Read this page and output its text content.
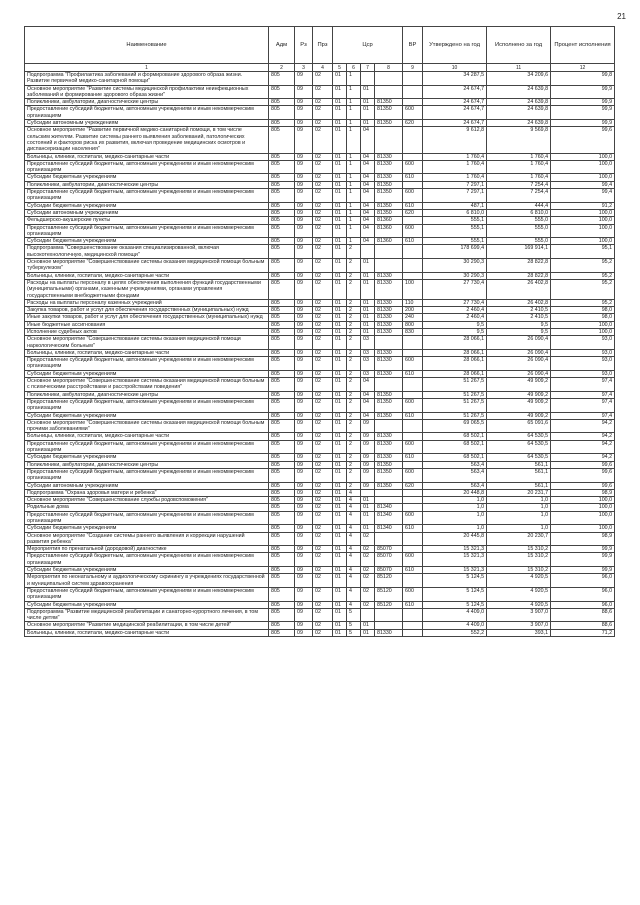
21
Наименование	Адм	Рз	Прз	Цср				ВР	Утверждено на год	Исполнено за год	Процент исполнения
1	2	3	4	5	6	7	8	9	10	11	12
Подпрограмма "Профилактика заболеваний и формирование здорового образа жизни. Развитие первичной медико-санитарной помощи"	805	09	02	01	1				34 287,5	34 209,6	99,8
Основное мероприятие "Развитие системы медицинской профилактики неинфекционных заболеваний и формирование здорового образа жизни"	805	09	02	01	1	01			24 674,7	24 639,8	99,9
Поликлиники, амбулатории, диагностические центры	805	09	02	01	1	01	81350		24 674,7	24 639,8	99,9
Предоставление субсидий бюджетным, автономным учреждениям и иным некоммерческим организациям	805	09	02	01	1	01	81350	600	24 674,7	24 639,8	99,9
Субсидии автономным учреждениям	805	09	02	01	1	01	81350	620	24 674,7	24 639,8	99,9
Основное мероприятие "Развитие первичной медико-санитарной помощи, в том числе сельским жителям. Развитие системы раннего выявления заболеваний, патологических состояний и факторов риска их развития, включая проведение медицинских осмотров и диспансеризации населения"	805	09	02	01	1	04			9 612,8	9 569,8	99,6
Больницы, клиники, госпитали, медико-санитарные части	805	09	02	01	1	04	81330		1 760,4	1 760,4	100,0
Предоставление субсидий бюджетным, автономным учреждениям и иным некоммерческим организациям	805	09	02	01	1	04	81330	600	1 760,4	1 760,4	100,0
Субсидии бюджетным учреждениям	805	09	02	01	1	04	81330	610	1 760,4	1 760,4	100,0
Поликлиники, амбулатории, диагностические центры	805	09	02	01	1	04	81350		7 297,1	7 254,4	99,4
Предоставление субсидий бюджетным, автономным учреждениям и иным некоммерческим организациям	805	09	02	01	1	04	81350	600	7 297,1	7 254,4	99,4
Субсидии бюджетным учреждениям	805	09	02	01	1	04	81350	610	487,1	444,4	91,2
Субсидии автономным учреждениям	805	09	02	01	1	04	81350	620	6 810,0	6 810,0	100,0
Фельдшерско-акушерские пункты	805	09	02	01	1	04	81360		555,1	555,0	100,0
Предоставление субсидий бюджетным, автономным учреждениям и иным некоммерческим организациям	805	09	02	01	1	04	81360	600	555,1	555,0	100,0
Субсидии бюджетным учреждениям	805	09	02	01	1	04	81360	610	555,1	555,0	100,0
Подпрограмма "Совершенствование оказания специализированной, включая высокотехнологичную, медицинской помощи"	805	09	02	01	2				178 699,4	169 914,1	95,1
Основное мероприятие "Совершенствование системы оказания медицинской помощи больным туберкулезом"	805	09	02	01	2	01			30 290,3	28 822,8	95,2
Больницы, клиники, госпитали, медико-санитарные части	805	09	02	01	2	01	81330		30 290,3	28 822,8	95,2
Расходы на выплаты персоналу в целях обеспечения выполнения функций государственными (муниципальными) органами, казенными учреждениями, органами управления государственными внебюджетными фондами	805	09	02	01	2	01	81330	100	27 730,4	26 402,8	95,2
Расходы на выплаты персоналу казенных учреждений	805	09	02	01	2	01	81330	110	27 730,4	26 402,8	95,2
Закупка товаров, работ и услуг для обеспечения государственных (муниципальных) нужд	805	09	02	01	2	01	81330	200	2 460,4	2 410,5	98,0
Иные закупки товаров, работ и услуг для обеспечения государственных (муниципальных) нужд	805	09	02	01	2	01	81330	240	2 460,4	2 410,5	98,0
Иные бюджетные ассигнования	805	09	02	01	2	01	81330	800	9,5	9,5	100,0
Исполнение судебных актов	805	09	02	01	2	01	81330	830	9,5	9,5	100,0
Основное мероприятие "Совершенствование системы оказания медицинской помощи наркологическим больным"	805	09	02	01	2	03			28 066,1	26 090,4	93,0
Больницы, клиники, госпитали, медико-санитарные части	805	09	02	01	2	03	81330		28 066,1	26 090,4	93,0
Предоставление субсидий бюджетным, автономным учреждениям и иным некоммерческим организациям	805	09	02	01	2	03	81330	600	28 066,1	26 090,4	93,0
Субсидии бюджетным учреждениям	805	09	02	01	2	03	81330	610	28 066,1	26 090,4	93,0
Основное мероприятие "Совершенствование системы оказания медицинской помощи больным с психическими расстройствами и расстройствами поведения"	805	09	02	01	2	04			51 267,5	49 909,2	97,4
Поликлиники, амбулатории, диагностические центры	805	09	02	01	2	04	81350		51 267,5	49 909,2	97,4
Предоставление субсидий бюджетным, автономным учреждениям и иным некоммерческим организациям	805	09	02	01	2	04	81350	600	51 267,5	49 909,2	97,4
Субсидии бюджетным учреждениям	805	09	02	01	2	04	81350	610	51 267,5	49 909,2	97,4
Основное мероприятие "Совершенствование системы оказания медицинской помощи больным прочими заболеваниями"	805	09	02	01	2	09			69 065,5	65 091,6	94,2
Больницы, клиники, госпитали, медико-санитарные части	805	09	02	01	2	09	81330		68 502,1	64 530,5	94,2
Предоставление субсидий бюджетным, автономным учреждениям и иным некоммерческим организациям	805	09	02	01	2	09	81330	600	68 502,1	64 530,5	94,2
Субсидии бюджетным учреждениям	805	09	02	01	2	09	81330	610	68 502,1	64 530,5	94,2
Поликлиники, амбулатории, диагностические центры	805	09	02	01	2	09	81350		563,4	561,1	99,6
Предоставление субсидий бюджетным, автономным учреждениям и иным некоммерческим организациям	805	09	02	01	2	09	81350	600	563,4	561,1	99,6
Субсидии автономным учреждениям	805	09	02	01	2	09	81350	620	563,4	561,1	99,6
Подпрограмма "Охрана здоровья матери и ребенка"	805	09	02	01	4				20 448,8	20 231,7	98,9
Основное мероприятие "Совершенствование службы родовспоможения"	805	09	02	01	4	01			1,0	1,0	100,0
Родильные дома	805	09	02	01	4	01	81340		1,0	1,0	100,0
Предоставление субсидий бюджетным, автономным учреждениям и иным некоммерческим организациям	805	09	02	01	4	01	81340	600	1,0	1,0	100,0
Субсидии бюджетным учреждениям	805	09	02	01	4	01	81340	610	1,0	1,0	100,0
Основное мероприятие "Создание системы раннего выявления и коррекции нарушений развития ребенка"	805	09	02	01	4	02			20 445,8	20 230,7	98,9
Мероприятия по пренатальной (дородовой) диагностике	805	09	02	01	4	02	85070		15 321,3	15 310,2	99,9
Предоставление субсидий бюджетным, автономным учреждениям и иным некоммерческим организациям	805	09	02	01	4	02	85070	600	15 321,3	15 310,2	99,9
Субсидии бюджетным учреждениям	805	09	02	01	4	02	85070	610	15 321,3	15 310,2	99,9
Мероприятия по неонатальному и аудиологическому скринингу в учреждениях государственной и муниципальной систем здравоохранения	805	09	02	01	4	02	85120		5 124,5	4 920,5	96,0
Предоставление субсидий бюджетным, автономным учреждениям и иным некоммерческим организациям	805	09	02	01	4	02	85120	600	5 124,5	4 920,5	96,0
Субсидии бюджетным учреждениям	805	09	02	01	4	02	85120	610	5 124,5	4 920,5	96,0
Подпрограмма "Развитие медицинской реабилитации и санаторно-курортного лечения, в том числе детям"	805	09	02	01	5				4 409,0	3 907,0	88,6
Основное мероприятие "Развитие медицинской реабилитации, в том числе детей"	805	09	02	01	5	01			4 409,0	3 907,0	88,6
Больницы, клиники, госпитали, медико-санитарные части	805	09	02	01	5	01	81330		552,2	393,1	71,2
